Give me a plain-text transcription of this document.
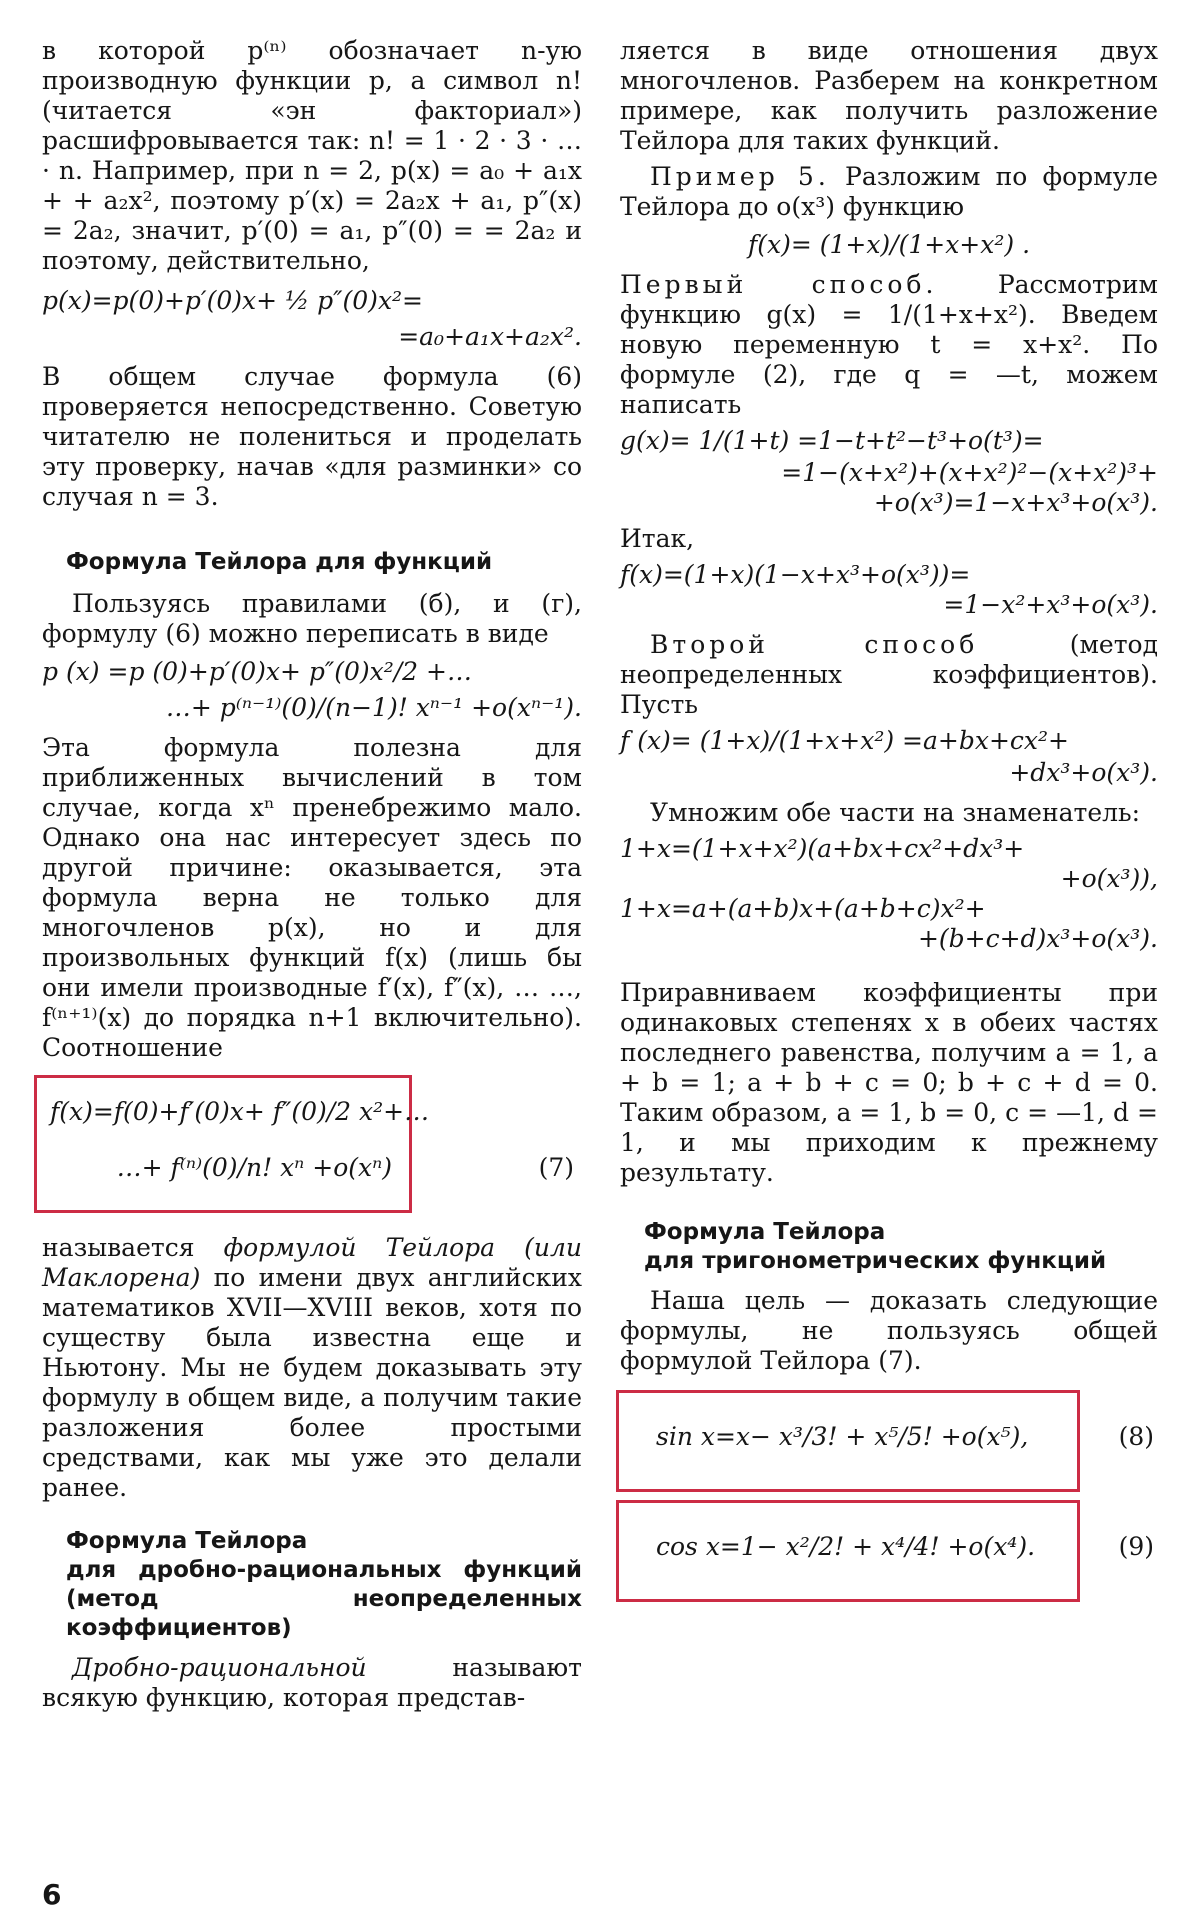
в которой p⁽ⁿ⁾ обозначает n-ую производную функции p, а символ n! (читается «эн факториал») расшифровывается так: n! = 1 · 2 · 3 · … · n. Например, при n = 2, p(x) = a₀ + a₁x + + a₂x², поэтому p′(x) = 2a₂x + a₁, p″(x) = 2a₂, значит, p′(0) = a₁, p″(0) = = 2a₂ и поэтому, действительно,

p(x)=p(0)+p′(0)x+ ½ p″(0)x²=
=a₀+a₁x+a₂x².

В общем случае формула (6) проверяется непосредственно. Советую читателю не полениться и проделать эту проверку, начав «для разминки» со случая n = 3.

Формула Тейлора для функций

Пользуясь правилами (б), и (г), формулу (6) можно переписать в виде

p (x) =p (0)+p′(0)x+ p″(0)x²/2 +…
…+ p⁽ⁿ⁻¹⁾(0)/(n−1)! xⁿ⁻¹ +o(xⁿ⁻¹).

Эта формула полезна для приближенных вычислений в том случае, когда xⁿ пренебрежимо мало. Однако она нас интересует здесь по другой причине: оказывается, эта формула верна не только для многочленов p(x), но и для произвольных функций f(x) (лишь бы они имели производные f′(x), f″(x), … …, f⁽ⁿ⁺¹⁾(x) до порядка n+1 включительно). Соотношение

f(x)=f(0)+f′(0)x+ f″(0)/2 x²+…
…+ f⁽ⁿ⁾(0)/n! xⁿ +o(xⁿ)	(7)

называется формулой Тейлора (или Маклорена) по имени двух английских математиков XVII—XVIII веков, хотя по существу была известна еще и Ньютону. Мы не будем доказывать эту формулу в общем виде, а получим такие разложения более простыми средствами, как мы уже это делали ранее.

Формула Тейлора
для дробно-рациональных функций (метод неопределенных коэффициентов)

Дробно-рациональной называют всякую функцию, которая представ-

ляется в виде отношения двух многочленов. Разберем на конкретном примере, как получить разложение Тейлора для таких функций.

Пример 5. Разложим по формуле Тейлора до o(x³) функцию

f(x)= (1+x)/(1+x+x²) .

Первый способ. Рассмотрим функцию g(x) = 1/(1+x+x²). Введем новую переменную t = x+x². По формуле (2), где q = —t, можем написать

g(x)= 1/(1+t) =1−t+t²−t³+o(t³)=
=1−(x+x²)+(x+x²)²−(x+x²)³+
+o(x³)=1−x+x³+o(x³).

Итак,

f(x)=(1+x)(1−x+x³+o(x³))=
=1−x²+x³+o(x³).

Второй способ (метод неопределенных коэффициентов). Пусть

f (x)= (1+x)/(1+x+x²) =a+bx+cx²+
+dx³+o(x³).

Умножим обе части на знаменатель:

1+x=(1+x+x²)(a+bx+cx²+dx³+
+o(x³)),
1+x=a+(a+b)x+(a+b+c)x²+
+(b+c+d)x³+o(x³).

Приравниваем коэффициенты при одинаковых степенях x в обеих частях последнего равенства, получим a = 1, a + b = 1; a + b + c = 0; b + c + d = 0. Таким образом, a = 1, b = 0, c = —1, d = 1, и мы приходим к прежнему результату.

Формула Тейлора
для тригонометрических функций

Наша цель — доказать следующие формулы, не пользуясь общей формулой Тейлора (7).

sin x=x− x³/3! + x⁵/5! +o(x⁵),	(8)
cos x=1− x²/2! + x⁴/4! +o(x⁴).	(9)
6
